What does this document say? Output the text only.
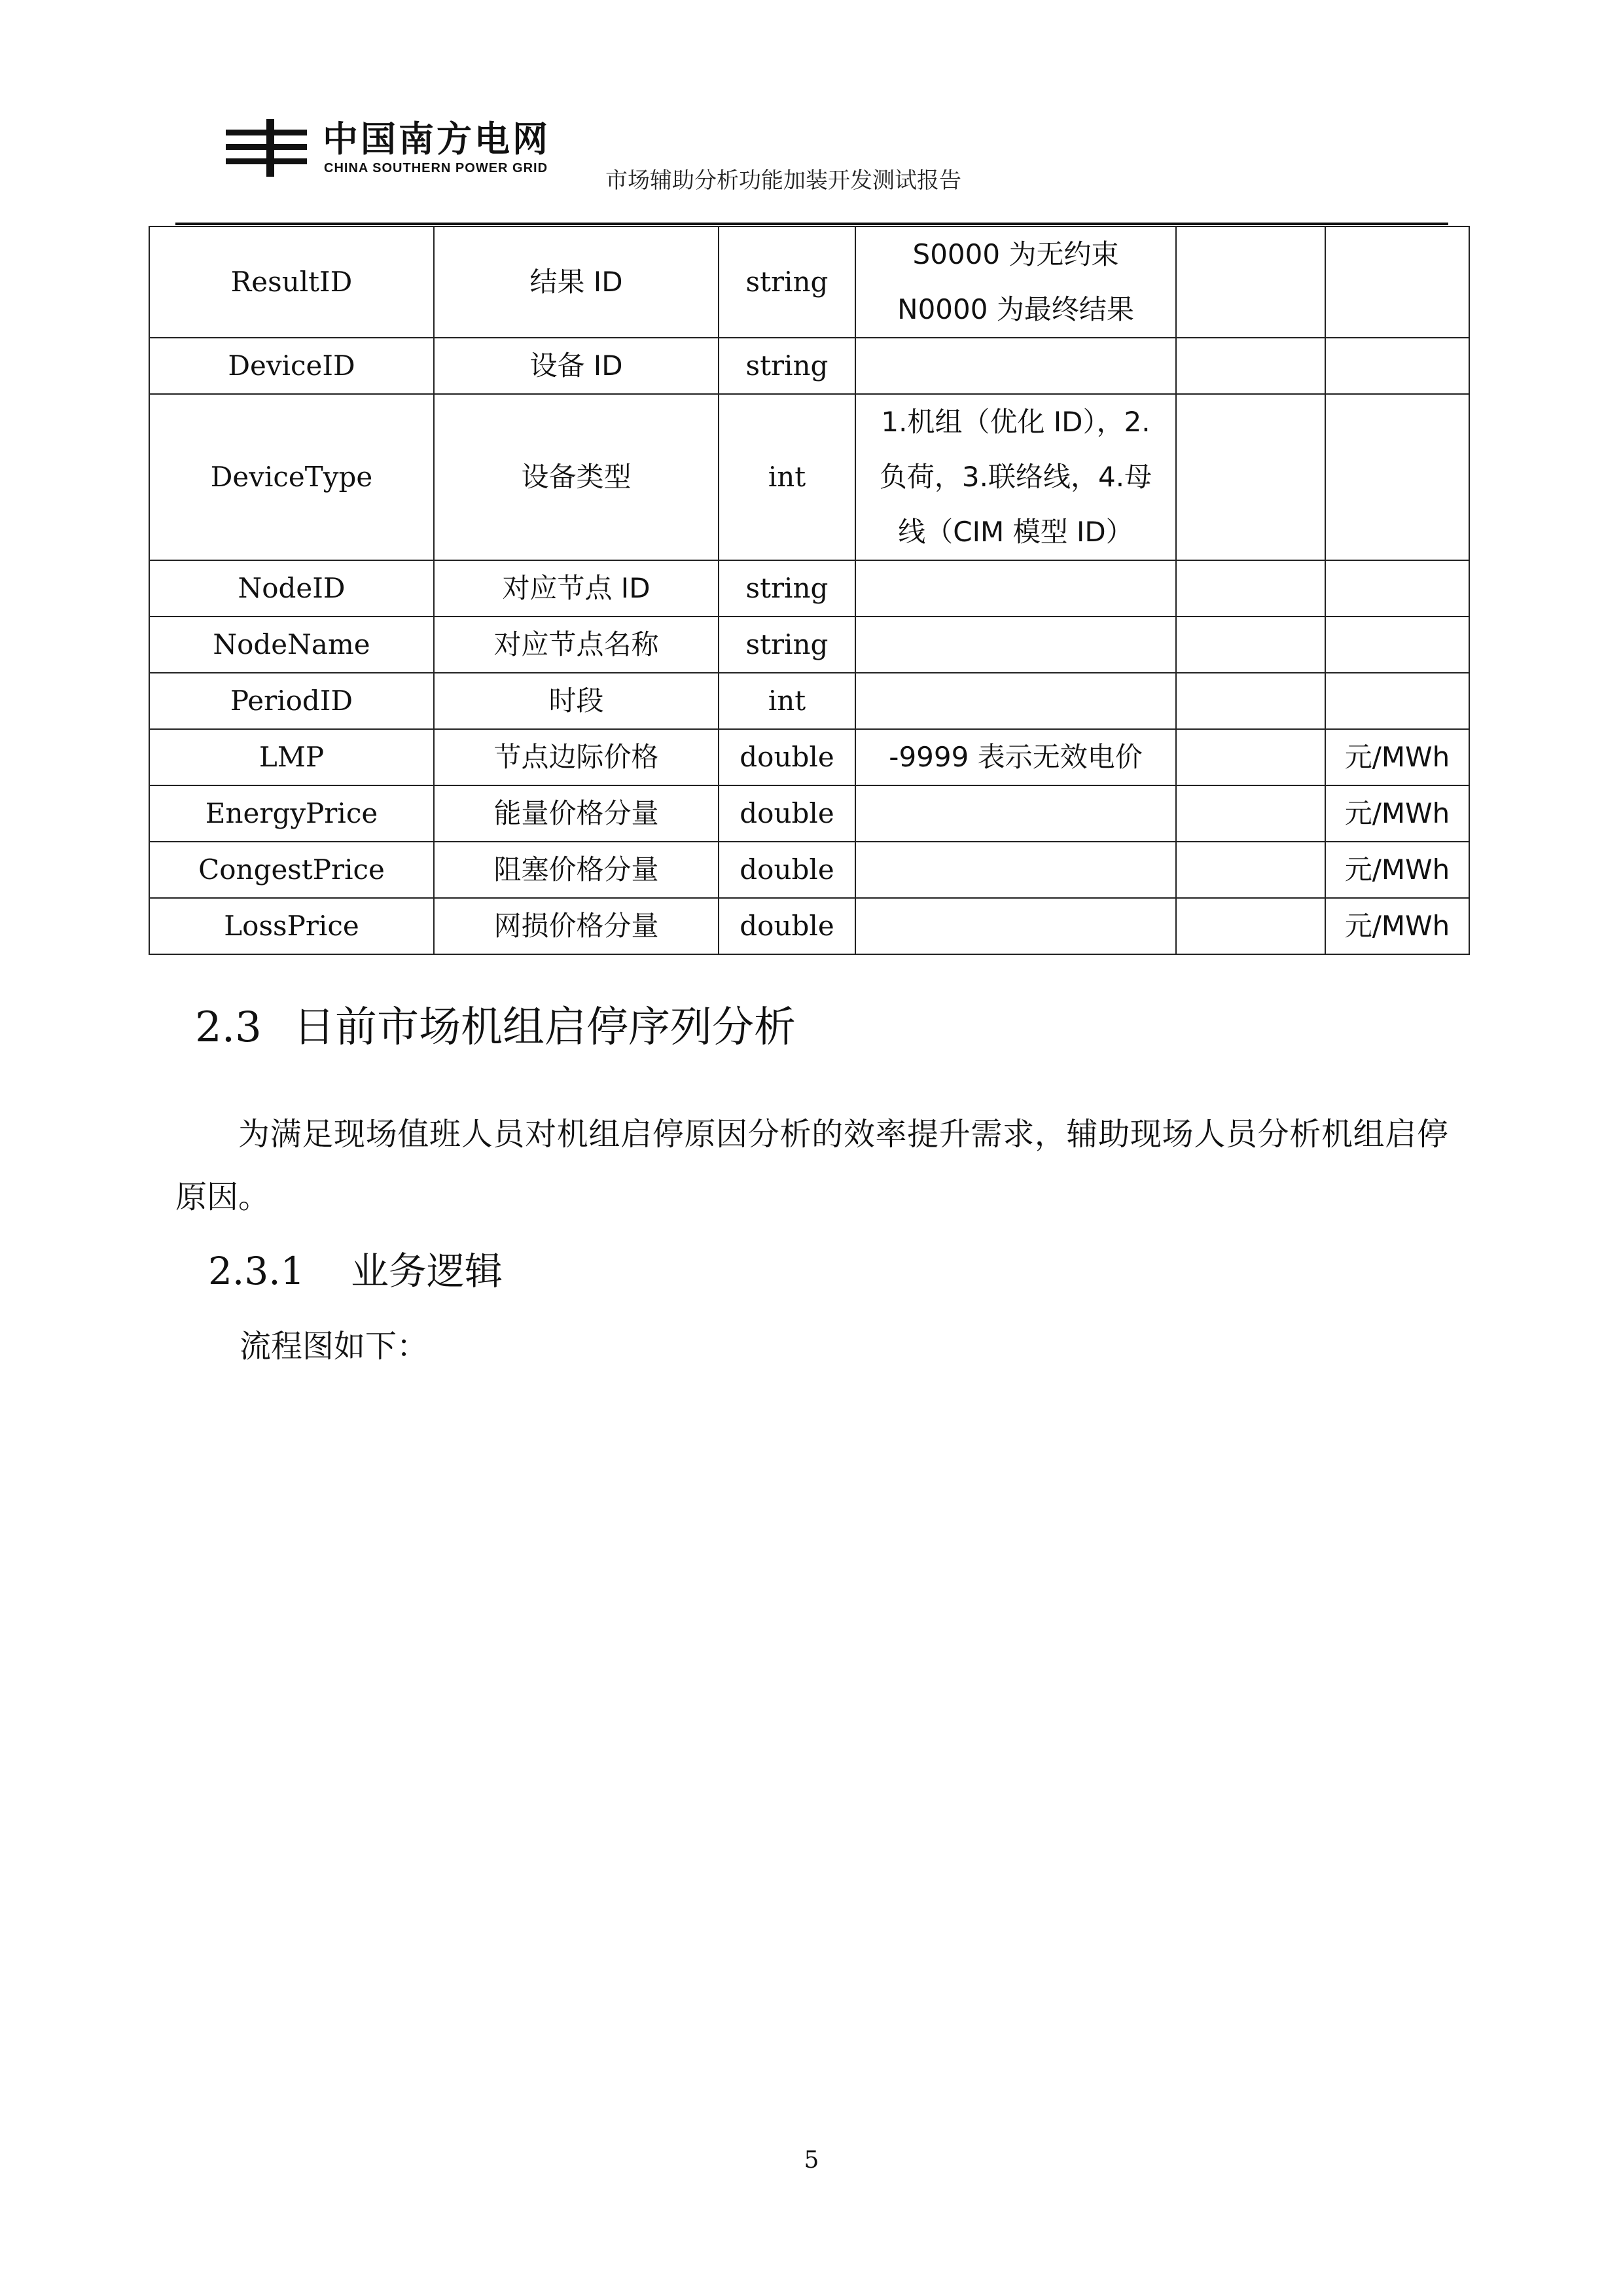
中国南方电网
CHINA SOUTHERN POWER GRID	市场辅助分析功能加装开发测试报告
ResultID	结果 ID	string	S0000 为无约束
N0000 为最终结果		

DeviceID	设备 ID	string			
DeviceType	设备类型	int	1.机组（优化 ID），2.
负荷，3.联络线，4.母
线（CIM 模型 ID）		

NodeID	对应节点 ID	string			
NodeName	对应节点名称	string			
PeriodID	时段	int			
LMP	节点边际价格	double	-9999 表示无效电价		元/MWh
EnergyPrice	能量价格分量	double			元/MWh
CongestPrice	阻塞价格分量	double			元/MWh
LossPrice	网损价格分量	double			元/MWh
2.3 日前市场机组启停序列分析
为满足现场值班人员对机组启停原因分析的效率提升需求，辅助现场人员分析机组启停原因。
2.3.1 业务逻辑
流程图如下：
5
